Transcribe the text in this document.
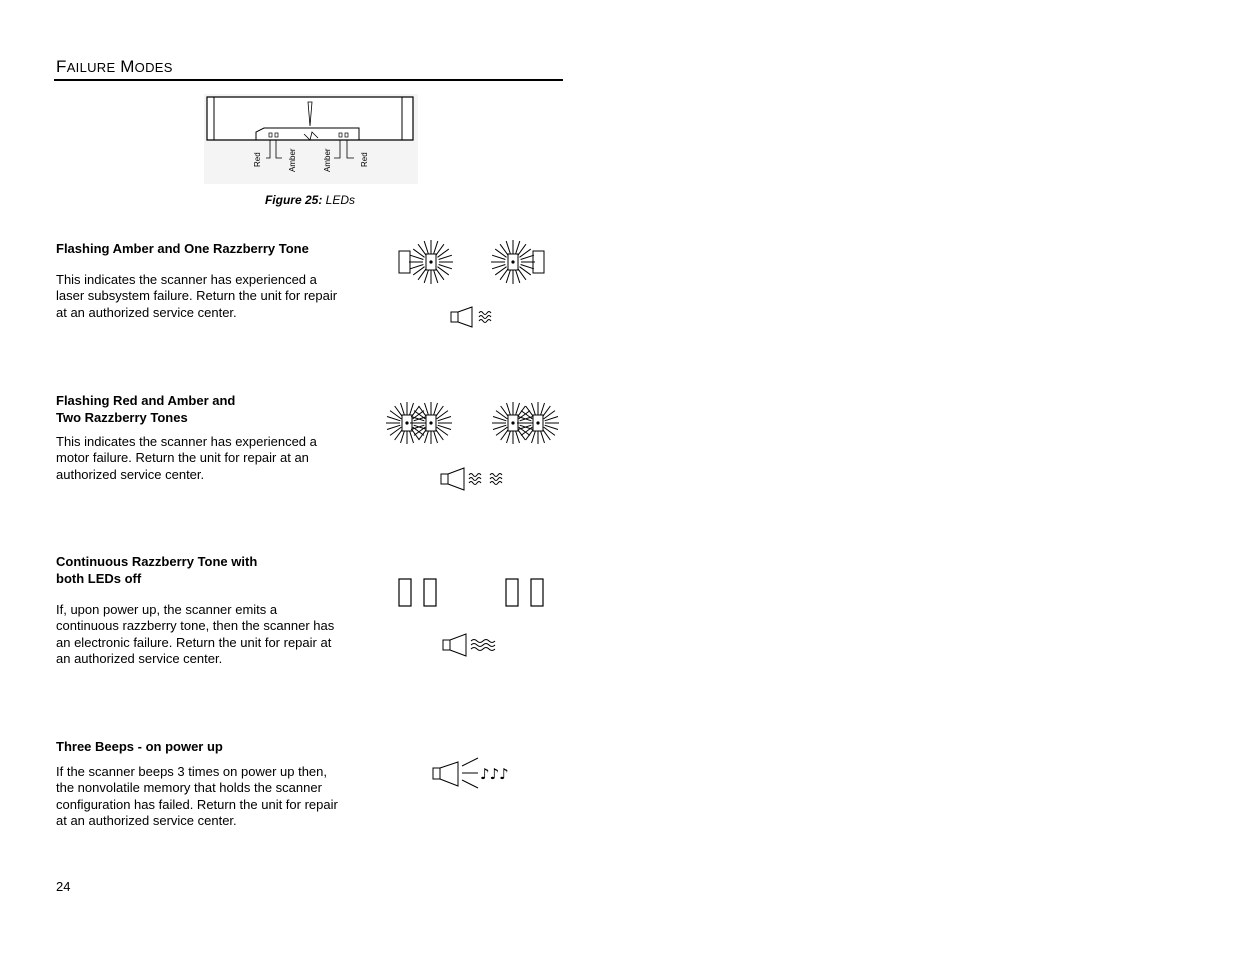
FAILURE MODES
Red	Amber	Amber	Red
Figure 25: LEDs
Flashing Amber and One Razzberry Tone
This indicates the scanner has experienced a
laser subsystem failure. Return the unit for repair
at an authorized service center.
Flashing Red and Amber and
Two Razzberry Tones
This indicates the scanner has experienced a
motor failure. Return the unit for repair at an
authorized service center.
Continuous Razzberry Tone with
both LEDs off
If, upon power up, the scanner emits a
continuous razzberry tone, then the scanner has
an electronic failure. Return the unit for repair at
an authorized service center.
Three Beeps - on power up
If the scanner beeps 3 times on power up then,
the nonvolatile memory that holds the scanner
configuration has failed. Return the unit for repair
at an authorized service center.
♪♪♪
24
